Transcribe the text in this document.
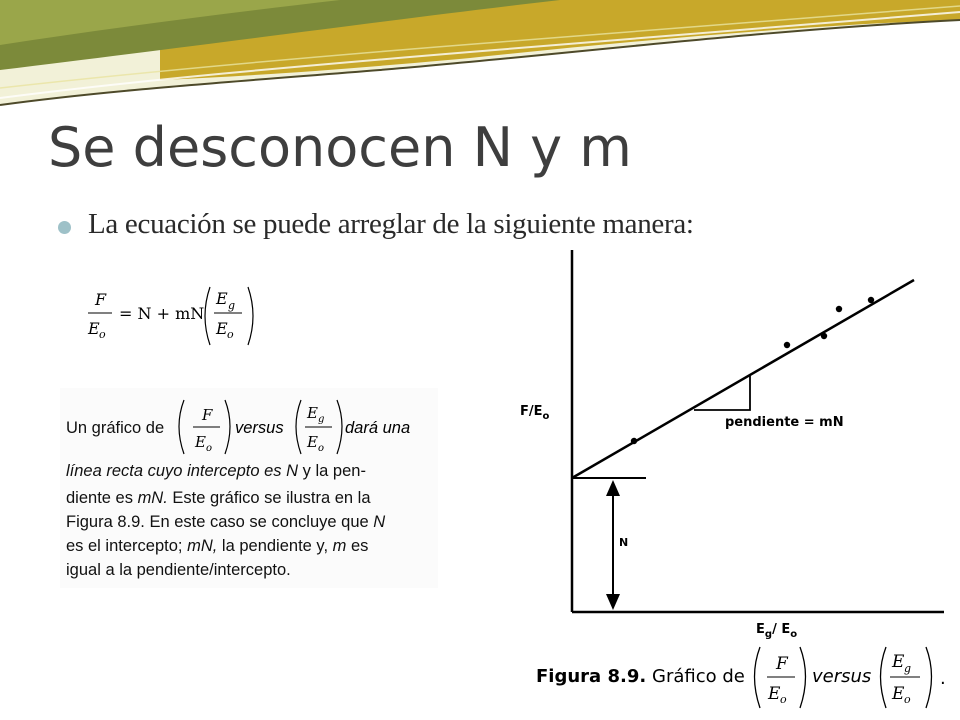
Se desconocen N y m
La ecuación se puede arreglar de la siguiente manera:
F
E o
= N + mN
E g
E o
Un gráfico de
F
E o
versus
E g
E o
dará una
línea recta cuyo intercepto es N y la pen-
diente es mN. Este gráfico se ilustra en la
Figura 8.9. En este caso se concluye que N
es el intercepto; mN, la pendiente y, m es
igual a la pendiente/intercepto.
N
pendiente = mN
$F/E_o$
$E_g/$ $E_o$
Figura 8.9. Gráfico de
F
E o
versus
E g
E o
.
